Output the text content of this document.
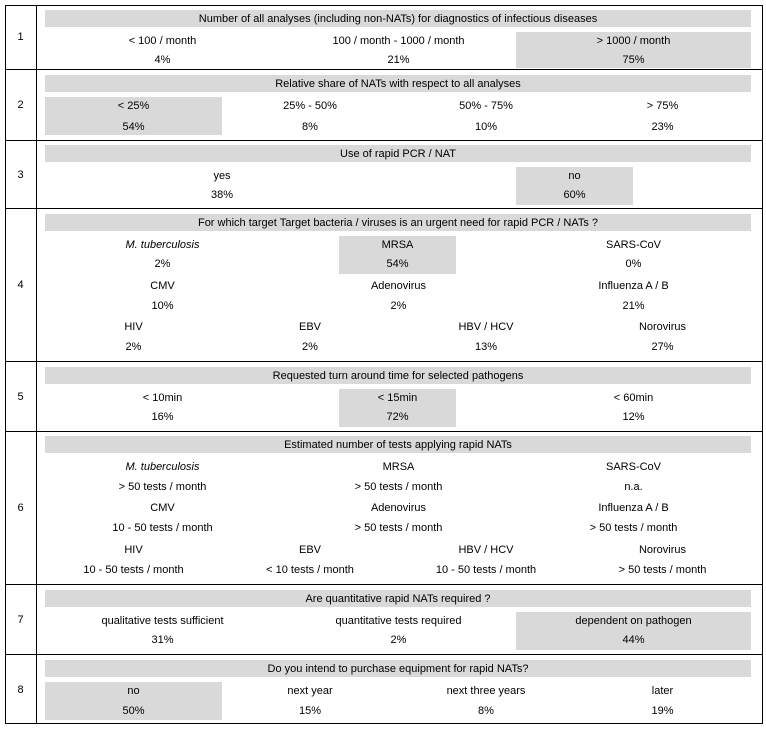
1
Number of all analyses (including non-NATs) for diagnostics of infectious diseases
< 100 / month
4%
100 / month - 1000 / month
21%
> 1000 / month
75%
2
Relative share of NATs with respect to all analyses
< 25%
54%
25% - 50%
8%
50% - 75%
10%
> 75%
23%
3
Use of rapid PCR / NAT
yes
38%
no
60%
4
For which target Target bacteria / viruses is an urgent need for rapid PCR / NATs ?
M. tuberculosis
2%
MRSA
54%
SARS-CoV
0%
CMV
10%
Adenovirus
2%
Influenza A / B
21%
HIV
2%
EBV
2%
HBV / HCV
13%
Norovirus
27%
5
Requested turn around time for selected pathogens
< 10min
16%
< 15min
72%
< 60min
12%
6
Estimated number of tests applying rapid NATs
M. tuberculosis
> 50 tests / month
MRSA
> 50 tests / month
SARS-CoV
n.a.
CMV
10 - 50 tests / month
Adenovirus
> 50 tests / month
Influenza A / B
> 50 tests / month
HIV
10 - 50 tests / month
EBV
< 10 tests / month
HBV / HCV
10 - 50 tests / month
Norovirus
> 50 tests / month
7
Are quantitative rapid NATs required ?
qualitative tests sufficient
31%
quantitative tests required
2%
dependent on pathogen
44%
8
Do you intend to purchase equipment for rapid NATs?
no
50%
next year
15%
next three years
8%
later
19%
